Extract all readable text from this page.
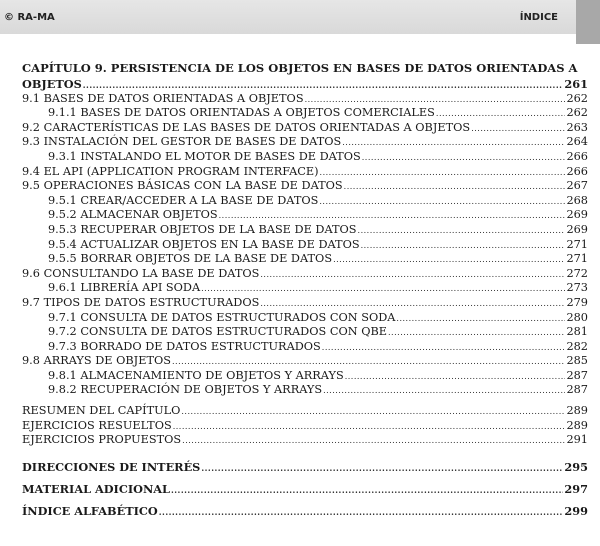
© RA-MA	ÍNDICE
CAPÍTULO 9. PERSISTENCIA DE LOS OBJETOS EN BASES DE DATOS ORIENTADAS A
OBJETOS .....	261
9.1 BASES DE DATOS ORIENTADAS A OBJETOS .....	262
9.1.1 BASES DE DATOS ORIENTADAS A OBJETOS COMERCIALES .....	262
9.2 CARACTERÍSTICAS DE LAS BASES DE DATOS ORIENTADAS A OBJETOS .....	263
9.3 INSTALACIÓN DEL GESTOR DE BASES DE DATOS .....	264
9.3.1 INSTALANDO EL MOTOR DE BASES DE DATOS .....	266
9.4 EL API (APPLICATION PROGRAM INTERFACE) .....	266
9.5 OPERACIONES BÁSICAS CON LA BASE DE DATOS .....	267
9.5.1 CREAR/ACCEDER A LA BASE DE DATOS .....	268
9.5.2 ALMACENAR OBJETOS .....	269
9.5.3 RECUPERAR OBJETOS DE LA BASE DE DATOS .....	269
9.5.4 ACTUALIZAR OBJETOS EN LA BASE DE DATOS .....	271
9.5.5 BORRAR OBJETOS DE LA BASE DE DATOS .....	271
9.6 CONSULTANDO LA BASE DE DATOS .....	272
9.6.1 LIBRERÍA API SODA .....	273
9.7 TIPOS DE DATOS ESTRUCTURADOS .....	279
9.7.1 CONSULTA DE DATOS ESTRUCTURADOS CON SODA .....	280
9.7.2 CONSULTA DE DATOS ESTRUCTURADOS CON QBE .....	281
9.7.3 BORRADO DE DATOS ESTRUCTURADOS .....	282
9.8 ARRAYS DE OBJETOS .....	285
9.8.1 ALMACENAMIENTO DE OBJETOS Y ARRAYS .....	287
9.8.2 RECUPERACIÓN DE OBJETOS Y ARRAYS .....	287
RESUMEN DEL CAPÍTULO .....	289
EJERCICIOS RESUELTOS .....	289
EJERCICIOS PROPUESTOS .....	291
DIRECCIONES DE INTERÉS .....	295
MATERIAL ADICIONAL .....	297
ÍNDICE ALFABÉTICO .....	299
